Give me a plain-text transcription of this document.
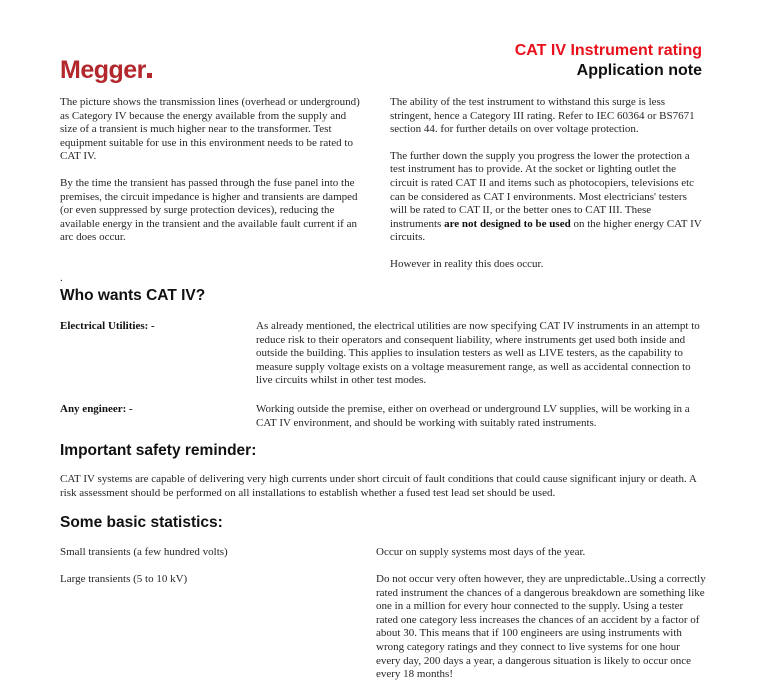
Megger
CAT IV Instrument rating
Application note

The picture shows the transmission lines (overhead or underground) as Category IV because the energy available from the supply and size of a transient is much higher near to the transformer. Test equipment suitable for use in this environment needs to be rated to CAT IV.

By the time the transient has passed through the fuse panel into the premises, the circuit impedance is higher and transients are damped (or even suppressed by surge protection devices), reducing the available energy in the transient and the available fault current if an arc does occur.

The ability of the test instrument to withstand this surge is less stringent, hence a Category III rating. Refer to IEC 60364 or BS7671 section 44. for further details on over voltage protection.

The further down the supply you progress the lower the protection a test instrument has to provide. At the socket or lighting outlet the circuit is rated CAT II and items such as photocopiers, televisions etc can be considered as CAT I environments. Most electricians' testers will be rated to CAT II, or the better ones to CAT III. These instruments are not designed to be used on the higher energy CAT IV circuits.

However in reality this does occur.

.
Who wants CAT IV?
Electrical Utilities: -	As already mentioned, the electrical utilities are now specifying CAT IV instruments in an attempt to reduce risk to their operators and consequent liability, where instruments get used both inside and outside the building. This applies to insulation testers as well as LIVE testers, as the capability to measure supply voltage exists on a voltage measurement range, as well as accidental connection to live circuits whilst in other test modes.
Any engineer: -	Working outside the premise, either on overhead or underground LV supplies, will be working in a CAT IV environment, and should be working with suitably rated instruments.
Important safety reminder:
CAT IV systems are capable of delivering very high currents under short circuit of fault conditions that could cause significant injury or death. A risk assessment should be performed on all installations to establish whether a fused test lead set should be used.
Some basic statistics:
Small transients (a few hundred volts)	Occur on supply systems most days of the year.
Large transients (5 to 10 kV)	Do not occur very often however, they are unpredictable..Using a correctly rated instrument the chances of a dangerous breakdown are something like one in a million for every hour connected to the supply. Using a tester rated one category less increases the chances of an accident by a factor of about 30. This means that if 100 engineers are using instruments with wrong category ratings and they connect to live systems for one hour every day, 200 days a year, a dangerous situation is likely to occur once every 18 months!
